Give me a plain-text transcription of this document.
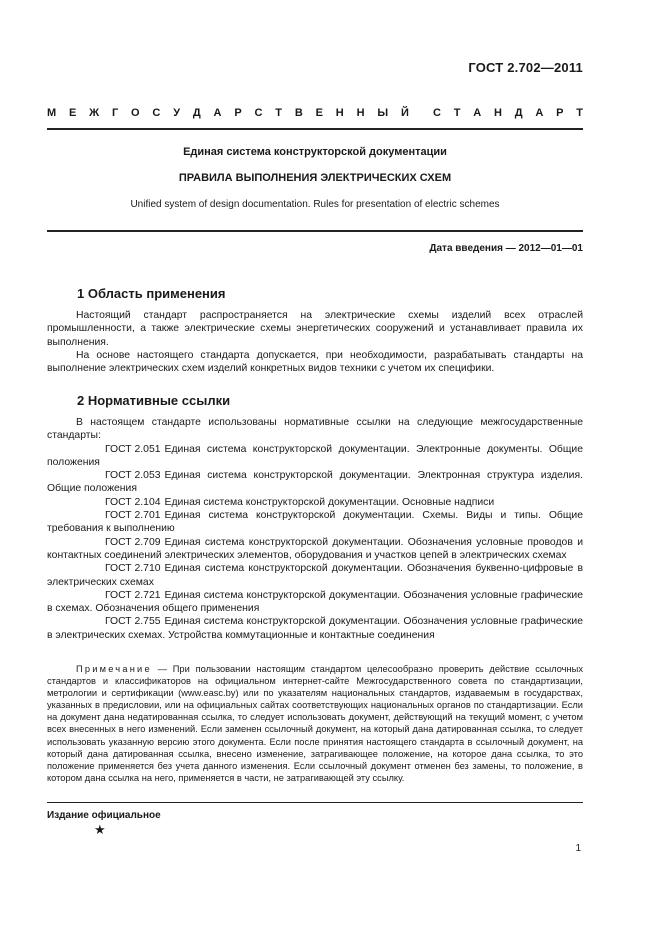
ГОСТ 2.702—2011
М Е Ж Г О С У Д А Р С Т В Е Н Н Ы Й С Т А Н Д А Р Т
Единая система конструкторской документации
ПРАВИЛА ВЫПОЛНЕНИЯ ЭЛЕКТРИЧЕСКИХ СХЕМ
Unified system of design documentation. Rules for presentation of electric schemes
Дата введения — 2012—01—01
1 Область применения

Настоящий стандарт распространяется на электрические схемы изделий всех отраслей промышленности, а также электрические схемы энергетических сооружений и устанавливает правила их выполнения.

На основе настоящего стандарта допускается, при необходимости, разрабатывать стандарты на выполнение электрических схем изделий конкретных видов техники с учетом их специфики.

2 Нормативные ссылки

В настоящем стандарте использованы нормативные ссылки на следующие межгосударственные стандарты:

ГОСТ 2.051 Единая система конструкторской документации. Электронные документы. Общие положения

ГОСТ 2.053 Единая система конструкторской документации. Электронная структура изделия. Общие положения

ГОСТ 2.104 Единая система конструкторской документации. Основные надписи

ГОСТ 2.701 Единая система конструкторской документации. Схемы. Виды и типы. Общие требования к выполнению

ГОСТ 2.709 Единая система конструкторской документации. Обозначения условные проводов и контактных соединений электрических элементов, оборудования и участков цепей в электрических схемах

ГОСТ 2.710 Единая система конструкторской документации. Обозначения буквенно-цифровые в электрических схемах

ГОСТ 2.721 Единая система конструкторской документации. Обозначения условные графические в схемах. Обозначения общего применения

ГОСТ 2.755 Единая система конструкторской документации. Обозначения условные графические в электрических схемах. Устройства коммутационные и контактные соединения

Примечание — При пользовании настоящим стандартом целесообразно проверить действие ссылочных стандартов и классификаторов на официальном интернет-сайте Межгосударственного совета по стандартизации, метрологии и сертификации (www.easc.by) или по указателям национальных стандартов, издаваемым в государствах, указанных в предисловии, или на официальных сайтах соответствующих национальных органов по стандартизации. Если на документ дана недатированная ссылка, то следует использовать документ, действующий на текущий момент, с учетом всех внесенных в него изменений. Если заменен ссылочный документ, на который дана датированная ссылка, то следует использовать указанную версию этого документа. Если после принятия настоящего стандарта в ссылочный документ, на который дана датированная ссылка, внесено изменение, затрагивающее положение, на которое дана ссылка, то это положение применяется без учета данного изменения. Если ссылочный документ отменен без замены, то положение, в котором дана ссылка на него, применяется в части, не затрагивающей эту ссылку.

Издание официальное
★
1
